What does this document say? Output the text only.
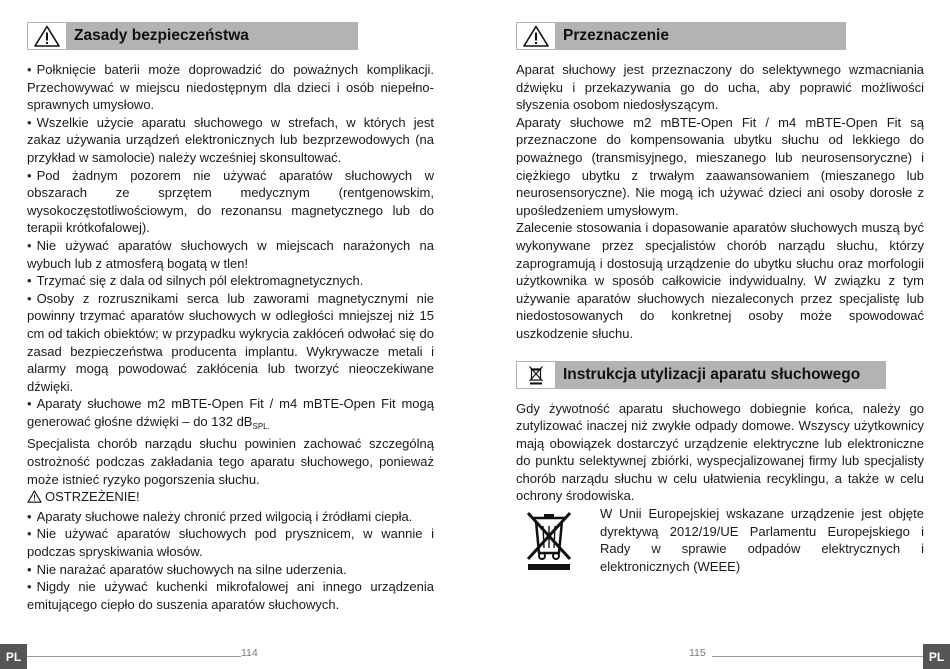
Zasady bezpieczeństwa

• Połknięcie baterii może doprowadzić do poważnych komplikacji. Przechowywać w miejscu niedostępnym dla dzieci i osób niepełno-sprawnych umysłowo.

• Wszelkie użycie aparatu słuchowego w strefach, w których jest zakaz używania urządzeń elektronicznych lub bezprzewodowych (na przykład w samolocie) należy wcześniej skonsultować.

• Pod żadnym pozorem nie używać aparatów słuchowych w obszarach ze sprzętem medycznym (rentgenowskim, wysokoczęstotliwościowym, do rezonansu magnetycznego lub do terapii krótkofalowej).

• Nie używać aparatów słuchowych w miejscach narażonych na wybuch lub z atmosferą bogatą w tlen!

• Trzymać się z dala od silnych pól elektromagnetycznych.

• Osoby z rozrusznikami serca lub zaworami magnetycznymi nie powinny trzymać aparatów słuchowych w odległości mniejszej niż 15 cm od takich obiektów; w przypadku wykrycia zakłóceń odwołać się do zasad bezpieczeństwa producenta implantu. Wykrywacze metali i alarmy mogą powodować zakłócenia lub tworzyć nieoczekiwane dźwięki.

• Aparaty słuchowe m2 mBTE-Open Fit / m4 mBTE-Open Fit mogą generować głośne dźwięki – do 132 $dB_{SPL.}$

Specjalista chorób narządu słuchu powinien zachować szczególną ostrożność podczas zakładania tego aparatu słuchowego, ponieważ może istnieć ryzyko pogorszenia słuchu.

OSTRZEŻENIE!

• Aparaty słuchowe należy chronić przed wilgocią i źródłami ciepła.

• Nie używać aparatów słuchowych pod prysznicem, w wannie i podczas spryskiwania włosów.

• Nie narażać aparatów słuchowych na silne uderzenia.

• Nigdy nie używać kuchenki mikrofalowej ani innego urządzenia emitującego ciepło do suszenia aparatów słuchowych.

Przeznaczenie

Aparat słuchowy jest przeznaczony do selektywnego wzmacniania dźwięku i przekazywania go do ucha, aby poprawić możliwości słyszenia osobom niedosłyszącym.

Aparaty słuchowe m2 mBTE-Open Fit / m4 mBTE-Open Fit są przeznaczone do kompensowania ubytku słuchu od lekkiego do poważnego (transmisyjnego, mieszanego lub neurosensoryczne) i ciężkiego ubytku z trwałym zaawansowaniem (mieszanego lub neurosensoryczne). Nie mogą ich używać dzieci ani osoby dorosłe z upośledzeniem umysłowym.

Zalecenie stosowania i dopasowanie aparatów słuchowych muszą być wykonywane przez specjalistów chorób narządu słuchu, którzy zaprogramują i dostosują urządzenie do ubytku słuchu oraz morfologii użytkownika w sposób całkowicie indywidualny. W związku z tym używanie aparatów słuchowych niezaleconych przez specjalistę lub niedostosowanych do konkretnej osoby może spowodować uszkodzenie słuchu.

Instrukcja utylizacji aparatu słuchowego

Gdy żywotność aparatu słuchowego dobiegnie końca, należy go zutylizować inaczej niż zwykłe odpady domowe. Wszyscy użytkownicy mają obowiązek dostarczyć urządzenie elektryczne lub elektroniczne do punktu selektywnej zbiórki, wyspecjalizowanej firmy lub specjalisty chorób narządu słuchu w celu ułatwienia recyklingu, a także w celu ochrony środowiska.

W Unii Europejskiej wskazane urządzenie jest objęte dyrektywą 2012/19/UE Parlamentu Europejskiego i Rady w sprawie odpadów elektrycznych i elektronicznych (WEEE)

PL	114	115	PL
